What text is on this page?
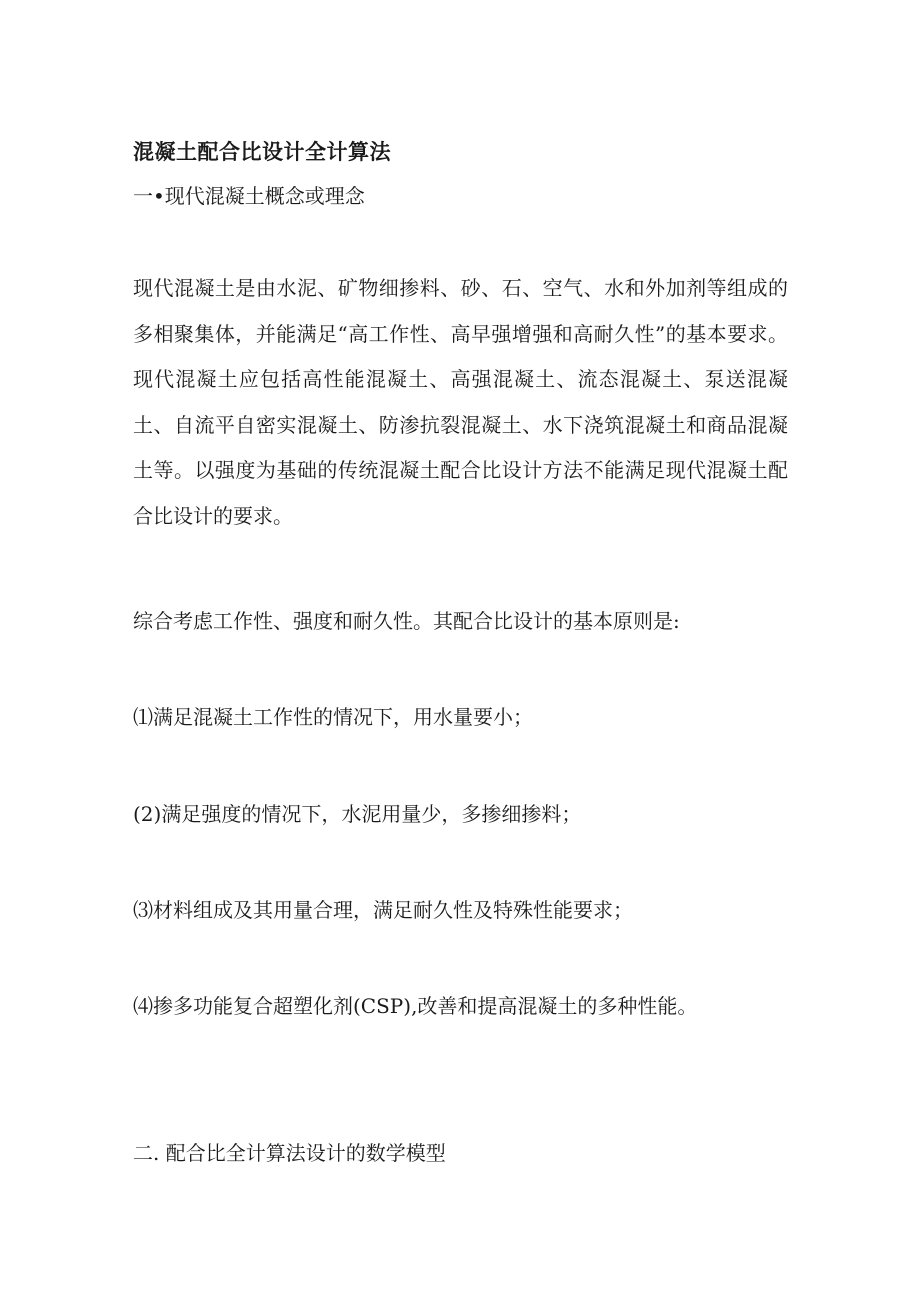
混凝土配合比设计全计算法
一•现代混凝土概念或理念

现代混凝土是由水泥、矿物细掺料、砂、石、空气、水和外加剂等组成的多相聚集体，并能满足“高工作性、高早强增强和高耐久性”的基本要求。现代混凝土应包括高性能混凝土、高强混凝土、流态混凝土、泵送混凝土、自流平自密实混凝土、防渗抗裂混凝土、水下浇筑混凝土和商品混凝土等。以强度为基础的传统混凝土配合比设计方法不能满足现代混凝土配合比设计的要求。

综合考虑工作性、强度和耐久性。其配合比设计的基本原则是:
⑴满足混凝土工作性的情况下，用水量要小；
(2)满足强度的情况下，水泥用量少，多掺细掺料；
⑶材料组成及其用量合理，满足耐久性及特殊性能要求；
⑷掺多功能复合超塑化剂(CSP),改善和提高混凝土的多种性能。
二. 配合比全计算法设计的数学模型
